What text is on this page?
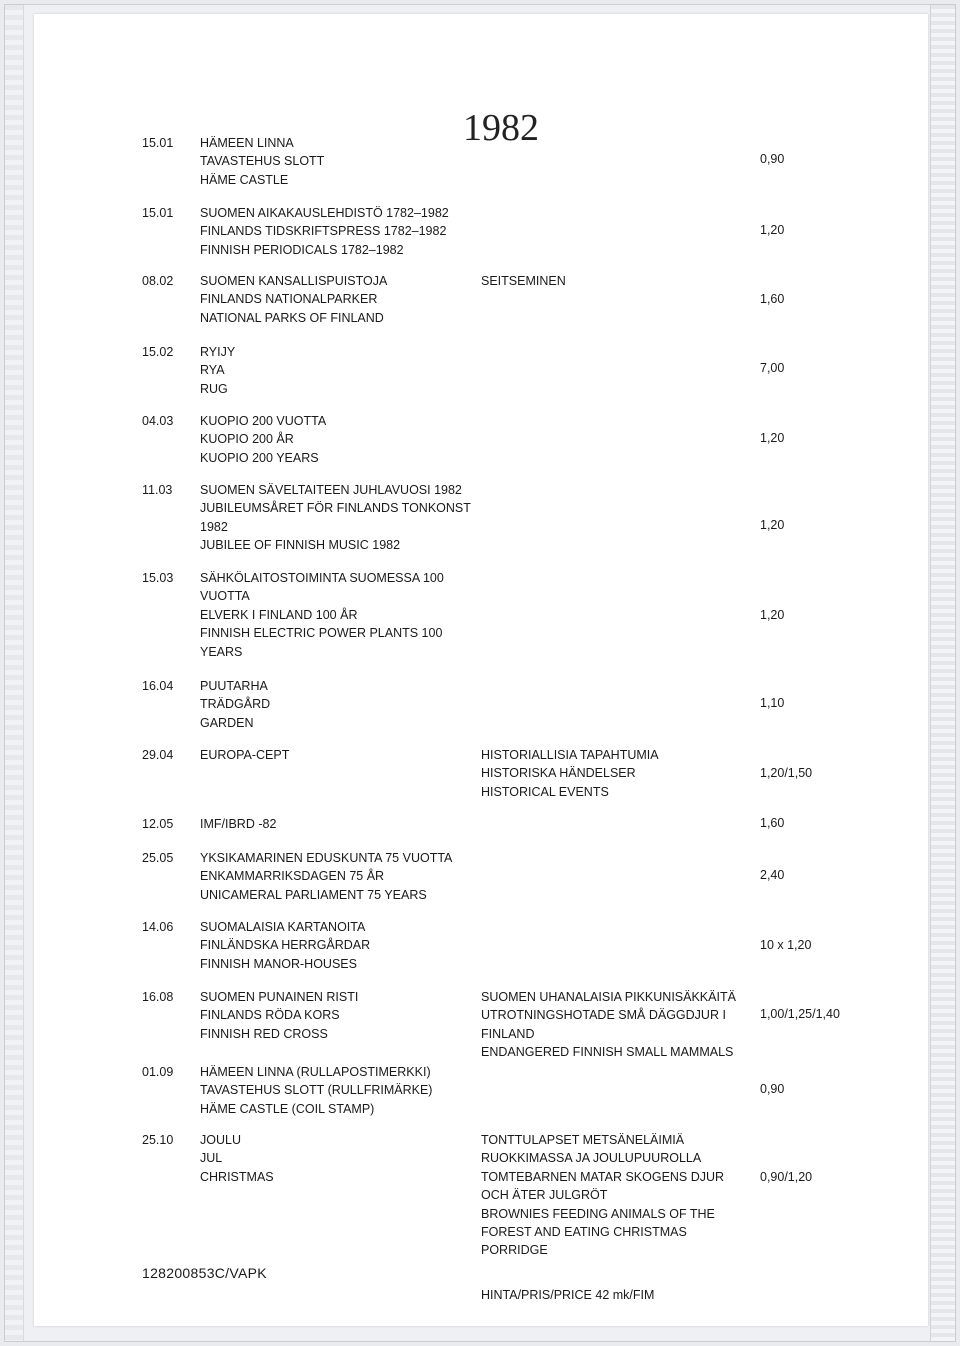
1982
15.01 HÄMEEN LINNA
TAVASTEHUS SLOTT
HÄME CASTLE
0,90
15.01 SUOMEN AIKAKAUSLEHDISTÖ 1782–1982
FINLANDS TIDSKRIFTSPRESS 1782–1982
FINNISH PERIODICALS 1782–1982
1,20
08.02 SUOMEN KANSALLISPUISTOJA
FINLANDS NATIONALPARKER
NATIONAL PARKS OF FINLAND
SEITSEMINEN
1,60
15.02 RYIJY
RYA
RUG
7,00
04.03 KUOPIO 200 VUOTTA
KUOPIO 200 ÅR
KUOPIO 200 YEARS
1,20
11.03 SUOMEN SÄVELTAITEEN JUHLAVUOSI 1982
JUBILEUMSÅRET FÖR FINLANDS TONKONST
1982
JUBILEE OF FINNISH MUSIC 1982
1,20
15.03 SÄHKÖLAITOSTOIMINTA SUOMESSA 100
VUOTTA
ELVERK I FINLAND 100 ÅR
FINNISH ELECTRIC POWER PLANTS 100
YEARS
1,20
16.04 PUUTARHA
TRÄDGÅRD
GARDEN
1,10
29.04 EUROPA-CEPT	HISTORIALLISIA TAPAHTUMIA
HISTORISKA HÄNDELSER
HISTORICAL EVENTS
1,20/1,50
12.05 IMF/IBRD -82	1,60
25.05 YKSIKAMARINEN EDUSKUNTA 75 VUOTTA
ENKAMMARRIKSDAGEN 75 ÅR
UNICAMERAL PARLIAMENT 75 YEARS
2,40
14.06 SUOMALAISIA KARTANOITA
FINLÄNDSKA HERRGÅRDAR
FINNISH MANOR-HOUSES
10 x 1,20
16.08 SUOMEN PUNAINEN RISTI
FINLANDS RÖDA KORS
FINNISH RED CROSS
SUOMEN UHANALAISIA PIKKUNISÄKKÄITÄ
UTROTNINGSHOTADE SMÅ DÄGGDJUR I
FINLAND
ENDANGERED FINNISH SMALL MAMMALS
1,00/1,25/1,40
01.09 HÄMEEN LINNA (RULLAPOSTIMERKKI)
TAVASTEHUS SLOTT (RULLFRIMÄRKE)
HÄME CASTLE (COIL STAMP)
0,90
25.10 JOULU
JUL
CHRISTMAS
TONTTULAPSET METSÄNELÄIMIÄ
RUOKKIMASSA JA JOULUPUUROLLA
TOMTEBARNEN MATAR SKOGENS DJUR
OCH ÄTER JULGRÖT
BROWNIES FEEDING ANIMALS OF THE
FOREST AND EATING CHRISTMAS
PORRIDGE
0,90/1,20
128200853C/VAPK
HINTA/PRIS/PRICE 42 mk/FIM
